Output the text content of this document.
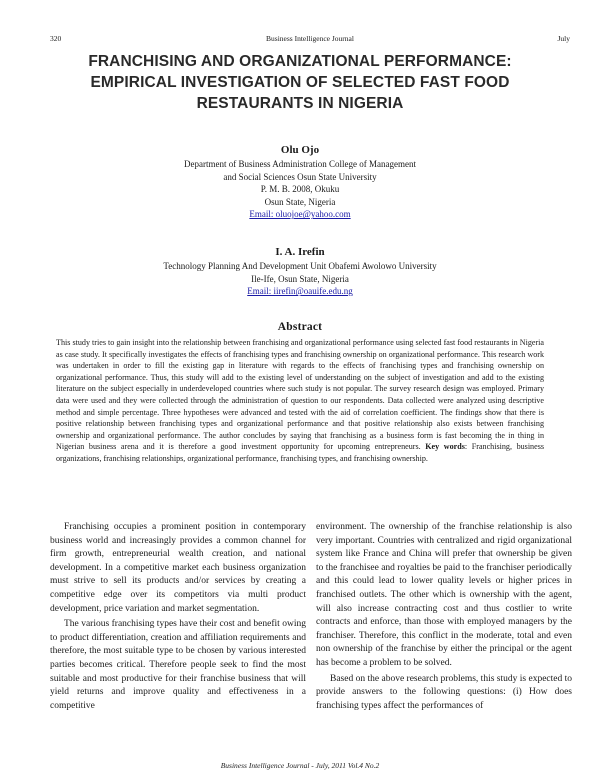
320	Business Intelligence Journal	July
FRANCHISING AND ORGANIZATIONAL PERFORMANCE:
EMPIRICAL INVESTIGATION OF SELECTED FAST FOOD
RESTAURANTS IN NIGERIA
Olu Ojo
Department of Business Administration College of Management
and Social Sciences Osun State University
P. M. B. 2008, Okuku
Osun State, Nigeria
Email: oluojoe@yahoo.com
I. A. Irefin
Technology Planning And Development Unit Obafemi Awolowo University
Ile-Ife, Osun State, Nigeria
Email: iirefin@oauife.edu.ng
Abstract
This study tries to gain insight into the relationship between franchising and organizational performance using selected fast food restaurants in Nigeria as case study. It specifically investigates the effects of franchising types and franchising ownership on organizational performance. This research work was undertaken in order to fill the existing gap in literature with regards to the effects of franchising types and franchising ownership on organizational performance. Thus, this study will add to the existing level of understanding on the subject of investigation and add to the existing literature on the subject especially in underdeveloped countries where such study is not popular. The survey research design was employed. Primary data were used and they were collected through the administration of question to our respondents. Data collected were analyzed using descriptive method and simple percentage. Three hypotheses were advanced and tested with the aid of correlation coefficient. The findings show that there is positive relationship between franchising types and organizational performance and that positive relationship also exists between franchising ownership and organizational performance. The author concludes by saying that franchising as a business form is fast becoming the in thing in Nigerian business arena and it is therefore a good investment opportunity for upcoming entrepreneurs. Key words: Franchising, business organizations, franchising relationships, organizational performance, franchising types, and franchising ownership.

Franchising occupies a prominent position in contemporary business world and increasingly provides a common channel for firm growth, entrepreneurial wealth creation, and national development. In a competitive market each business organization must strive to sell its products and/or services by creating a competitive edge over its competitors via multi product development, price variation and market segmentation.

The various franchising types have their cost and benefit owing to product differentiation, creation and affiliation requirements and therefore, the most suitable type to be chosen by various interested parties becomes critical. Therefore people seek to find the most suitable and most productive for their franchise business that will yield returns and improve quality and effectiveness in a competitive

environment. The ownership of the franchise relationship is also very important. Countries with centralized and rigid organizational system like France and China will prefer that ownership be given to the franchisee and royalties be paid to the franchiser periodically and this could lead to lower quality levels or higher prices in franchised outlets. The other which is ownership with the agent, will also increase contracting cost and thus costlier to write contracts and enforce, than those with employed managers by the franchiser. Therefore, this conflict in the moderate, total and even non ownership of the franchise by either the principal or the agent has become a problem to be solved.

Based on the above research problems, this study is expected to provide answers to the following questions: (i) How does franchising types affect the performances of

Business Intelligence Journal - July, 2011 Vol.4 No.2
